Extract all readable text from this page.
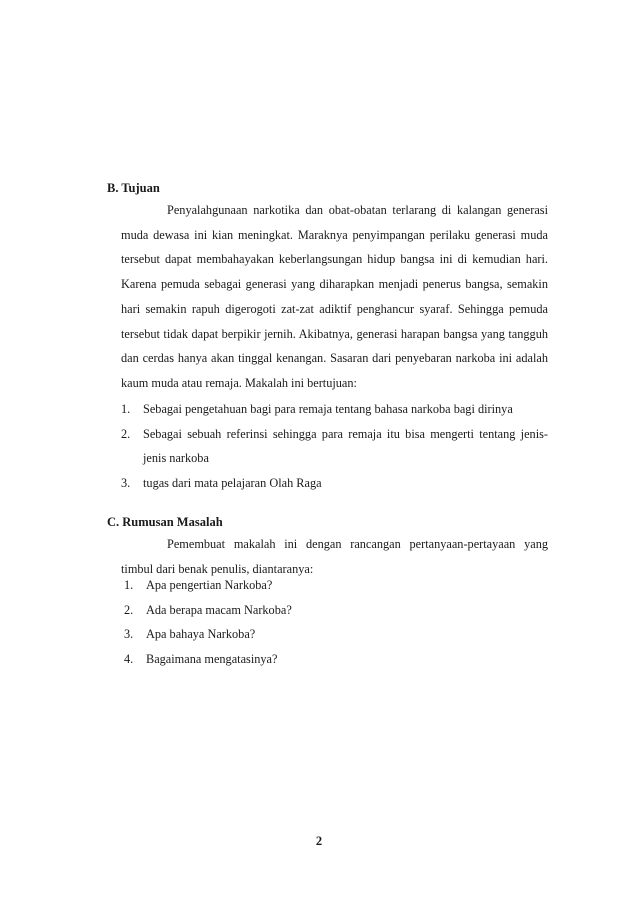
B. Tujuan

Penyalahgunaan narkotika dan obat-obatan terlarang di kalangan generasi muda dewasa ini kian meningkat. Maraknya penyimpangan perilaku generasi muda tersebut dapat membahayakan keberlangsungan hidup bangsa ini di kemudian hari. Karena pemuda sebagai generasi yang diharapkan menjadi penerus bangsa, semakin hari semakin rapuh digerogoti zat-zat adiktif penghancur syaraf. Sehingga pemuda tersebut tidak dapat berpikir jernih. Akibatnya, generasi harapan bangsa yang tangguh dan cerdas hanya akan tinggal kenangan. Sasaran dari penyebaran narkoba ini adalah kaum muda atau remaja. Makalah ini bertujuan:

1. Sebagai pengetahuan bagi para remaja tentang bahasa narkoba bagi dirinya
2. Sebagai sebuah referinsi sehingga para remaja itu bisa mengerti tentang jenis-jenis narkoba
3. tugas dari mata pelajaran Olah Raga
C. Rumusan Masalah

Pemembuat makalah ini dengan rancangan pertanyaan-pertayaan yang timbul dari benak penulis, diantaranya:

1. Apa pengertian Narkoba?
2. Ada berapa macam Narkoba?
3. Apa bahaya Narkoba?
4. Bagaimana mengatasinya?
2
